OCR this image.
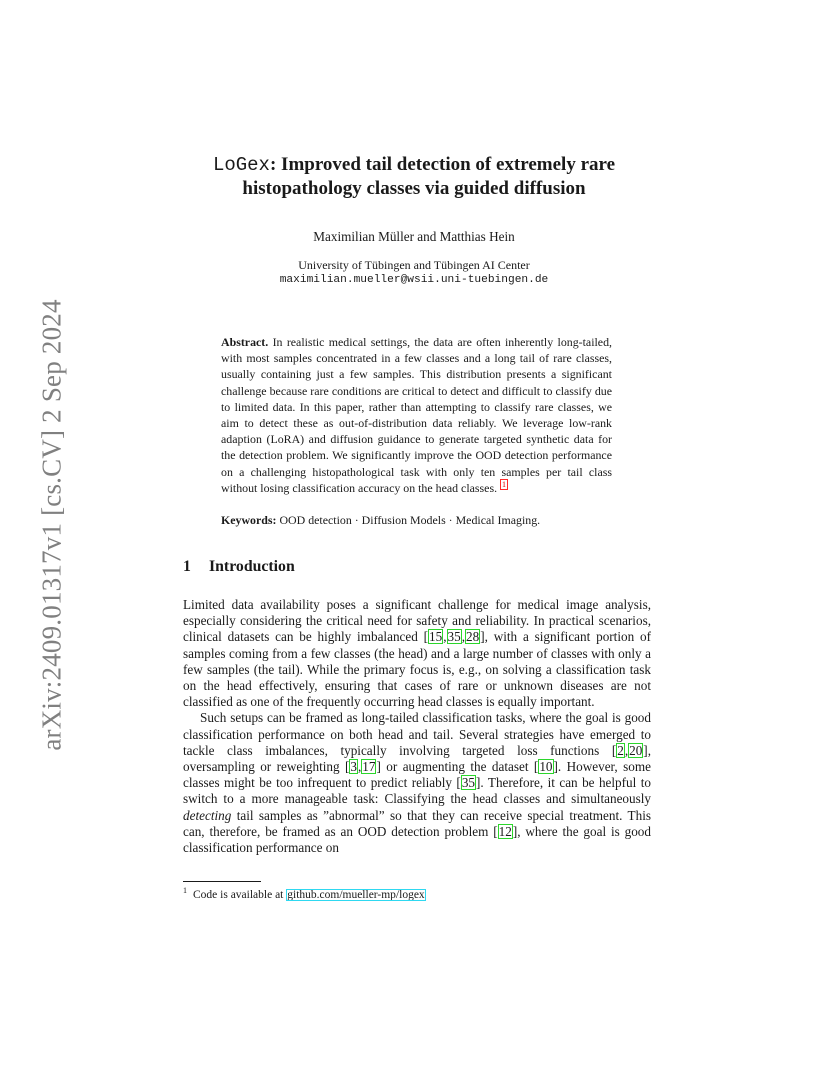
arXiv:2409.01317v1 [cs.CV] 2 Sep 2024
LoGex: Improved tail detection of extremely rare
histopathology classes via guided diffusion
Maximilian Müller and Matthias Hein
University of Tübingen and Tübingen AI Center
maximilian.mueller@wsii.uni-tuebingen.de
Abstract. In realistic medical settings, the data are often inherently long-tailed, with most samples concentrated in a few classes and a long tail of rare classes, usually containing just a few samples. This distribution presents a significant challenge because rare conditions are critical to detect and difficult to classify due to limited data. In this paper, rather than attempting to classify rare classes, we aim to detect these as out-of-distribution data reliably. We leverage low-rank adaption (LoRA) and diffusion guidance to generate targeted synthetic data for the detection problem. We significantly improve the OOD detection performance on a challenging histopathological task with only ten samples per tail class without losing classification accuracy on the head classes. $^1$
Keywords: OOD detection · Diffusion Models · Medical Imaging.
1 Introduction

Limited data availability poses a significant challenge for medical image analysis, especially considering the critical need for safety and reliability. In practical scenarios, clinical datasets can be highly imbalanced [15,35,28], with a significant portion of samples coming from a few classes (the head) and a large number of classes with only a few samples (the tail). While the primary focus is, e.g., on solving a classification task on the head effectively, ensuring that cases of rare or unknown diseases are not classified as one of the frequently occurring head classes is equally important.

Such setups can be framed as long-tailed classification tasks, where the goal is good classification performance on both head and tail. Several strategies have emerged to tackle class imbalances, typically involving targeted loss functions [2,20], oversampling or reweighting [3,17] or augmenting the dataset [10]. However, some classes might be too infrequent to predict reliably [35]. Therefore, it can be helpful to switch to a more manageable task: Classifying the head classes and simultaneously detecting tail samples as ”abnormal” so that they can receive special treatment. This can, therefore, be framed as an OOD detection problem [12], where the goal is good classification performance on

$^1$ Code is available at github.com/mueller-mp/logex
